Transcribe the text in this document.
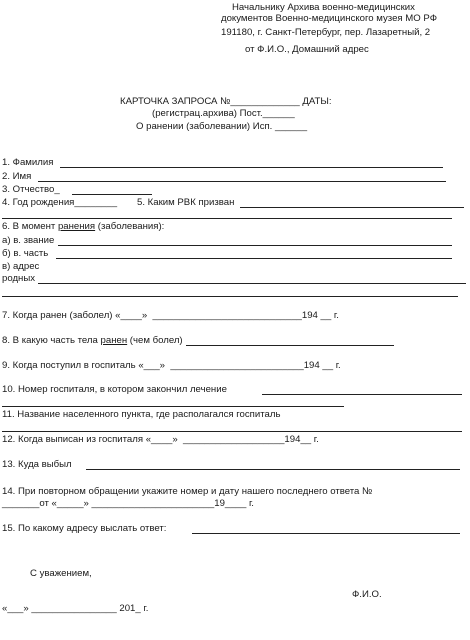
Начальнику Архива военно-медицинских
документов Военно-медицинского музея МО РФ
191180, г. Санкт-Петербург, пер. Лазаретный, 2
от Ф.И.О., Домашний адрес
КАРТОЧКА ЗАПРОСА №_____________ ДАТЫ:
(регистрац.архива) Пост.______
О ранении (заболевании) Исп. ______
1. Фамилия
2. Имя
3. Отчество_
4. Год рождения________ 5. Каким РВК призван
6. В момент ранения (заболевания):
а) в. звание
б) в. часть
в) адрес
родных
7. Когда ранен (заболел) «____»  ____________________________194 __ г.
8. В какую часть тела ранен (чем болел)
9. Когда поступил в госпиталь «___»  _________________________194 __ г.
10. Номер госпиталя, в котором закончил лечение
11. Название населенного пункта, где располагался госпиталь
12. Когда выписан из госпиталя «____»  ___________________194__ г.
13. Куда выбыл
14. При повторном обращении укажите номер и дату нашего последнего ответа №
_______от «_____» _______________________19____ г.
15. По какому адресу выслать ответ:
С уважением,
Ф.И.О.
«___» ________________ 201_ г.
